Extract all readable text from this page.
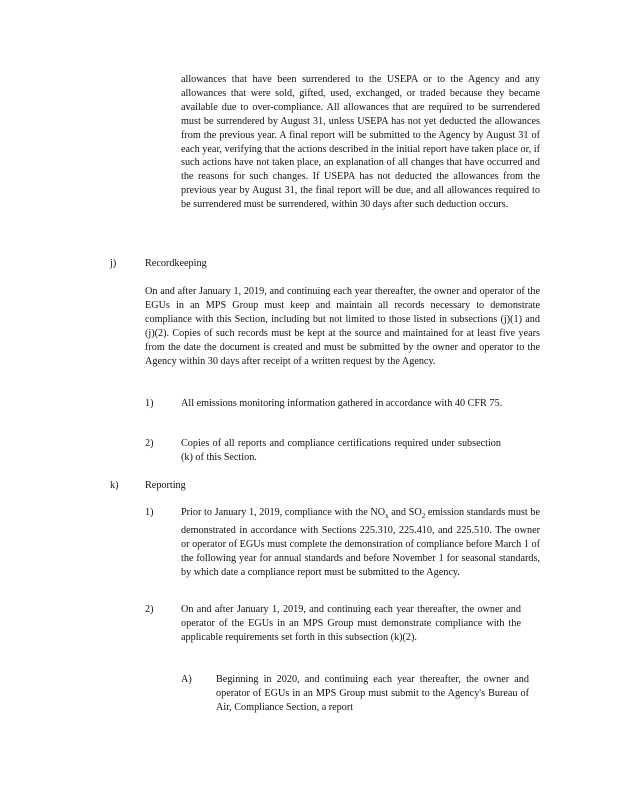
allowances that have been surrendered to the USEPA or to the Agency and any allowances that were sold, gifted, used, exchanged, or traded because they became available due to over-compliance. All allowances that are required to be surrendered must be surrendered by August 31, unless USEPA has not yet deducted the allowances from the previous year. A final report will be submitted to the Agency by August 31 of each year, verifying that the actions described in the initial report have taken place or, if such actions have not taken place, an explanation of all changes that have occurred and the reasons for such changes. If USEPA has not deducted the allowances from the previous year by August 31, the final report will be due, and all allowances required to be surrendered must be surrendered, within 30 days after such deduction occurs.
j)	Recordkeeping
On and after January 1, 2019, and continuing each year thereafter, the owner and operator of the EGUs in an MPS Group must keep and maintain all records necessary to demonstrate compliance with this Section, including but not limited to those listed in subsections (j)(1) and (j)(2). Copies of such records must be kept at the source and maintained for at least five years from the date the document is created and must be submitted by the owner and operator to the Agency within 30 days after receipt of a written request by the Agency.
1)	All emissions monitoring information gathered in accordance with 40 CFR 75.
2)	Copies of all reports and compliance certifications required under subsection (k) of this Section.
k)	Reporting
1)	Prior to January 1, 2019, compliance with the $NO_x$ and $SO_2$ emission standards must be demonstrated in accordance with Sections 225.310, 225.410, and 225.510. The owner or operator of EGUs must complete the demonstration of compliance before March 1 of the following year for annual standards and before November 1 for seasonal standards, by which date a compliance report must be submitted to the Agency.
2)	On and after January 1, 2019, and continuing each year thereafter, the owner and operator of the EGUs in an MPS Group must demonstrate compliance with the applicable requirements set forth in this subsection (k)(2).
A) Beginning in 2020, and continuing each year thereafter, the owner and operator of EGUs in an MPS Group must submit to the Agency's Bureau of Air, Compliance Section, a report
